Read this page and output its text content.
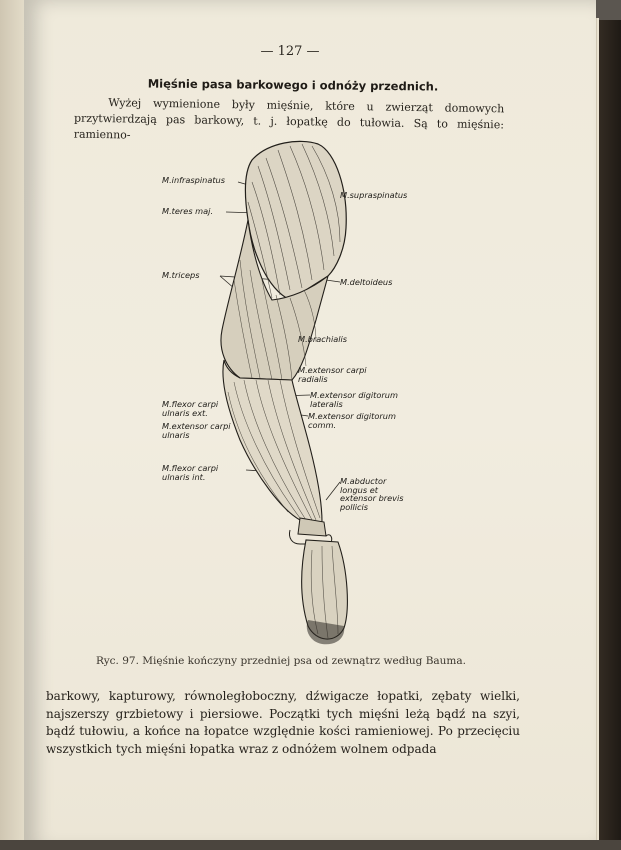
— 127 —
Mięśnie pasa barkowego i odnóży przednich.

Wyżej wymienione były mięśnie, które u zwierząt domowych przytwierdzają pas barkowy, t. j. łopatkę do tułowia. Są to mięśnie: ramienno-

M.infraspinatus
M.teres maj.
M.triceps
M.flexor carpi ulnaris ext.
M.extensor carpi ulnaris
M.flexor carpi ulnaris int.
M.supraspinatus
M.deltoideus
M.brachialis
M.extensor carpi radialis
M.extensor digitorum lateralis
M.extensor digitorum comm.
M.abductor longus et extensor brevis pollicis
Ryc. 97. Mięśnie kończyny przedniej psa od zewnątrz według Bauma.

barkowy, kapturowy, równoległoboczny, dźwigacze łopatki, zębaty wielki, najszerszy grzbietowy i piersiowe. Początki tych mięśni leżą bądź na szyi, bądź tułowiu, a końce na łopatce względnie kości ramieniowej. Po przecięciu wszystkich tych mięśni łopatka wraz z odnóżem wolnem odpada
